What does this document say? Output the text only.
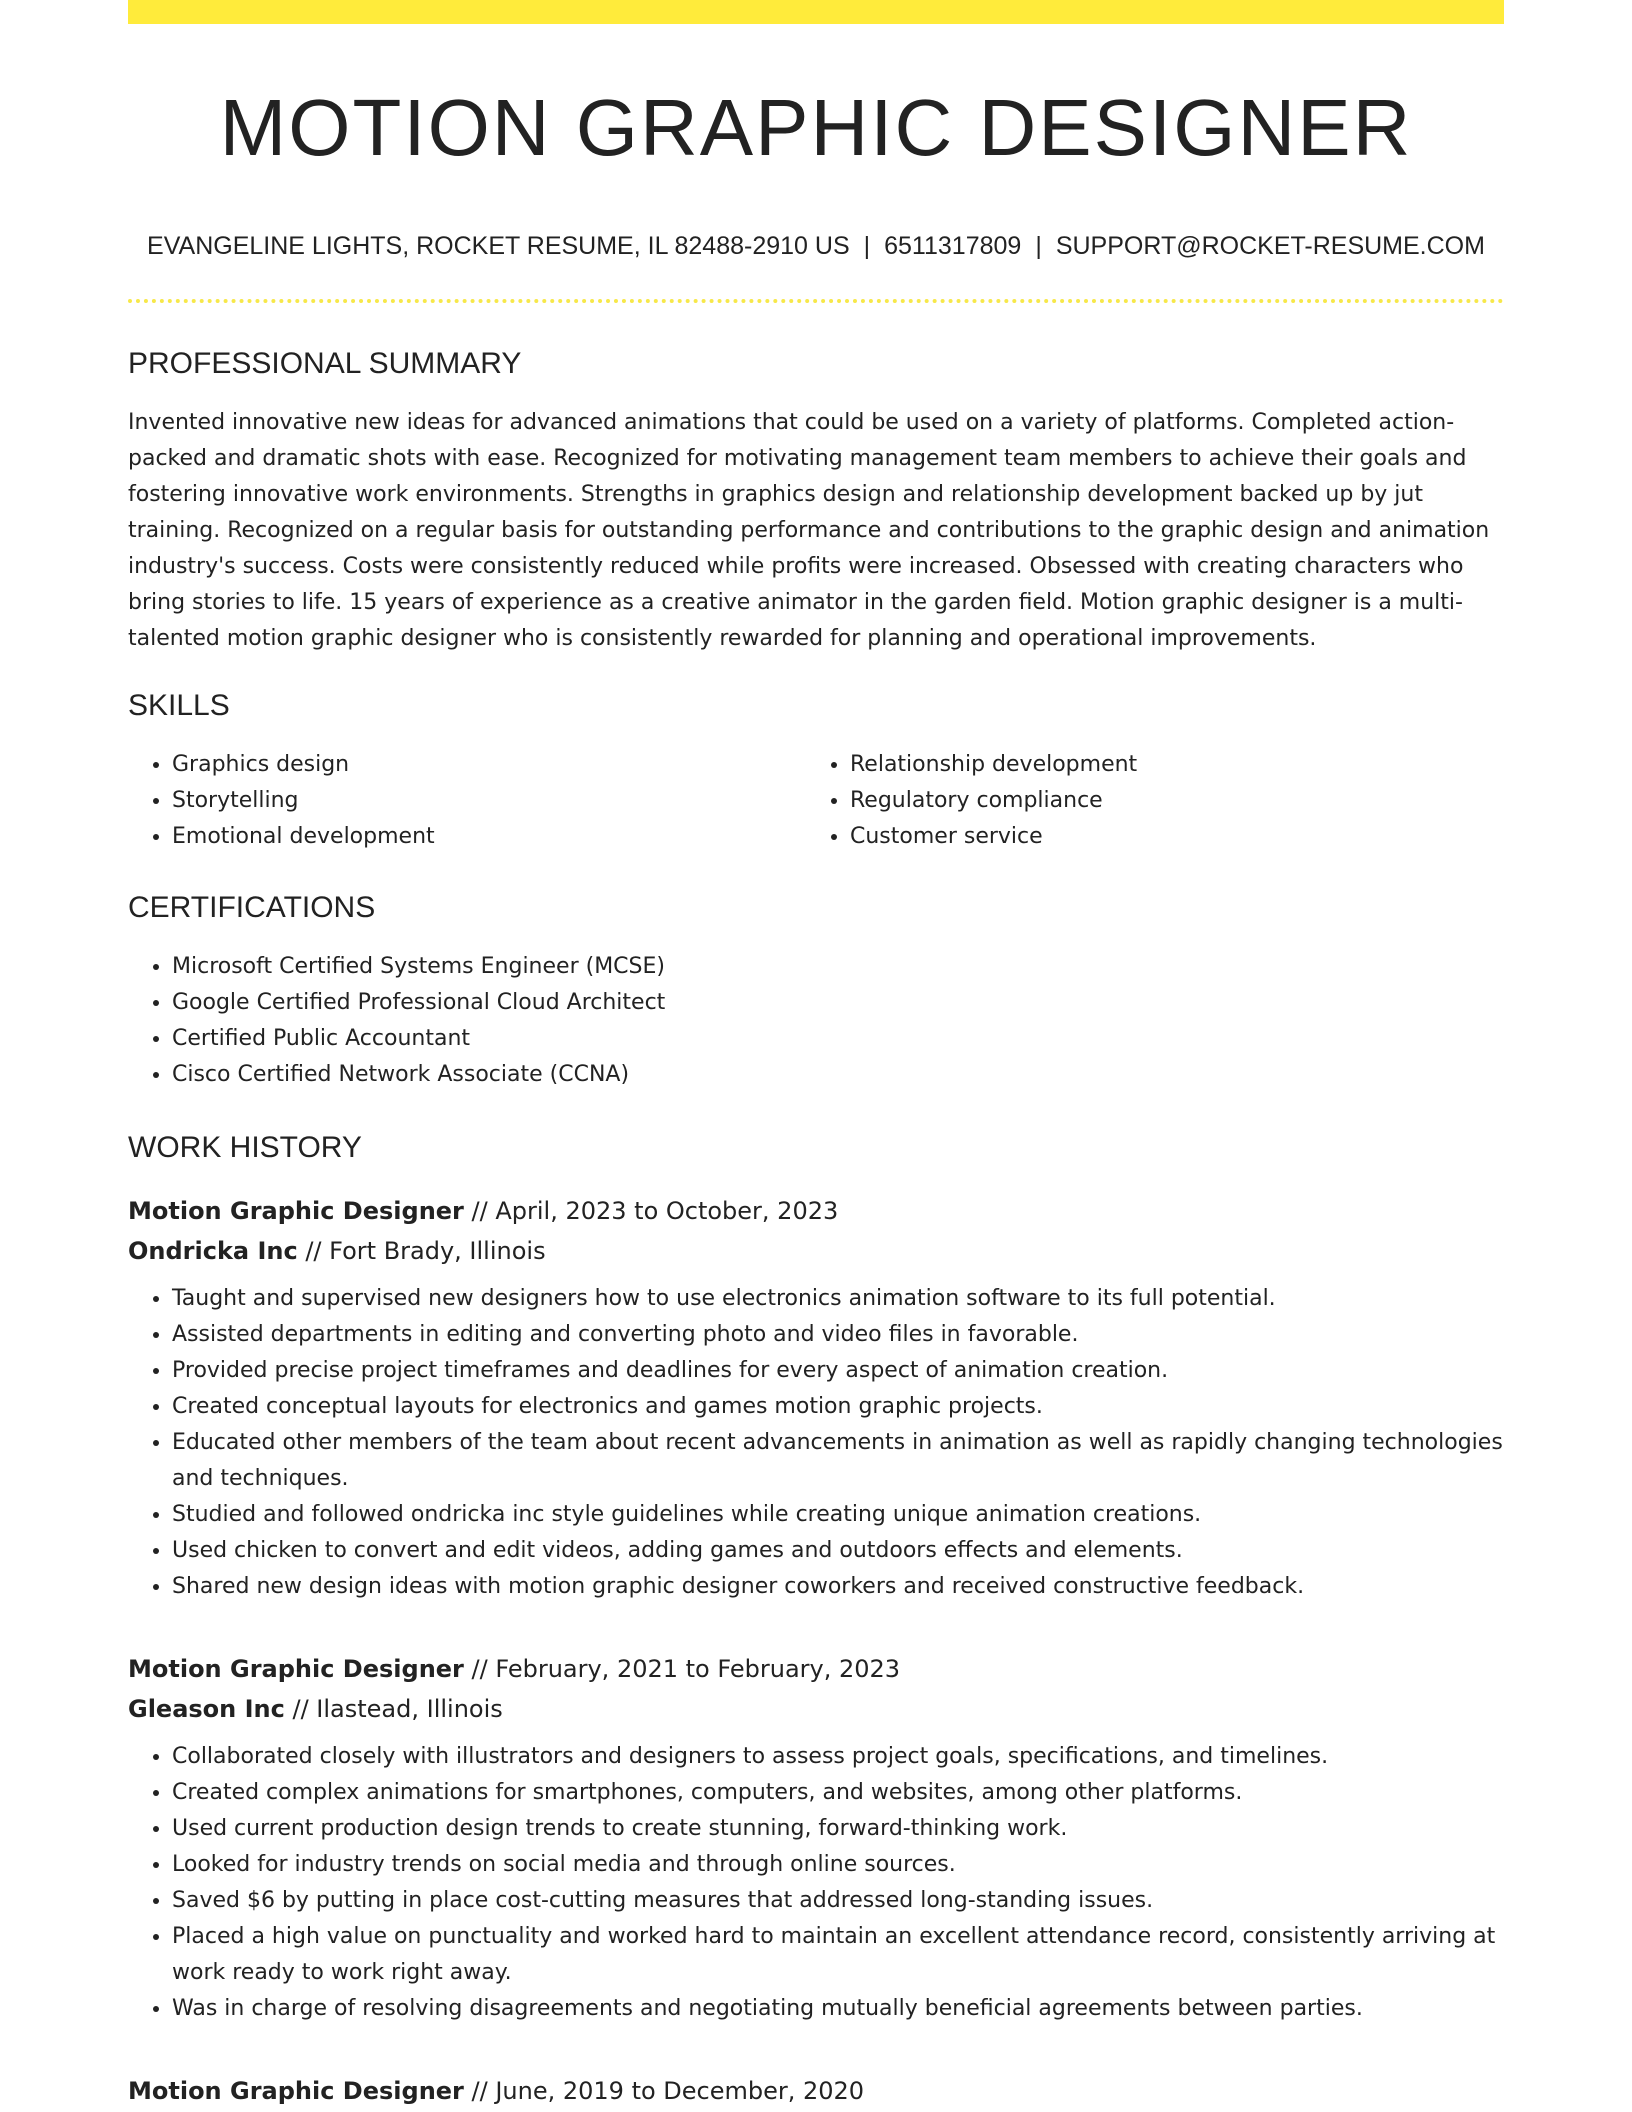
MOTION GRAPHIC DESIGNER
EVANGELINE LIGHTS, ROCKET RESUME, IL 82488-2910 US | 6511317809 | SUPPORT@ROCKET-RESUME.COM
PROFESSIONAL SUMMARY

Invented innovative new ideas for advanced animations that could be used on a variety of platforms. Completed action-packed and dramatic shots with ease. Recognized for motivating management team members to achieve their goals and fostering innovative work environments. Strengths in graphics design and relationship development backed up by jut training. Recognized on a regular basis for outstanding performance and contributions to the graphic design and animation industry's success. Costs were consistently reduced while profits were increased. Obsessed with creating characters who bring stories to life. 15 years of experience as a creative animator in the garden field. Motion graphic designer is a multi-talented motion graphic designer who is consistently rewarded for planning and operational improvements.

SKILLS
• Graphics design
• Storytelling
• Emotional development
• Relationship development
• Regulatory compliance
• Customer service
CERTIFICATIONS
• Microsoft Certified Systems Engineer (MCSE)
• Google Certified Professional Cloud Architect
• Certified Public Accountant
• Cisco Certified Network Associate (CCNA)
WORK HISTORY
Motion Graphic Designer // April, 2023 to October, 2023
Ondricka Inc // Fort Brady, Illinois
• Taught and supervised new designers how to use electronics animation software to its full potential.
• Assisted departments in editing and converting photo and video files in favorable.
• Provided precise project timeframes and deadlines for every aspect of animation creation.
• Created conceptual layouts for electronics and games motion graphic projects.
• Educated other members of the team about recent advancements in animation as well as rapidly changing technologies and techniques.
• Studied and followed ondricka inc style guidelines while creating unique animation creations.
• Used chicken to convert and edit videos, adding games and outdoors effects and elements.
• Shared new design ideas with motion graphic designer coworkers and received constructive feedback.
Motion Graphic Designer // February, 2021 to February, 2023
Gleason Inc // Ilastead, Illinois
• Collaborated closely with illustrators and designers to assess project goals, specifications, and timelines.
• Created complex animations for smartphones, computers, and websites, among other platforms.
• Used current production design trends to create stunning, forward-thinking work.
• Looked for industry trends on social media and through online sources.
• Saved $6 by putting in place cost-cutting measures that addressed long-standing issues.
• Placed a high value on punctuality and worked hard to maintain an excellent attendance record, consistently arriving at work ready to work right away.
• Was in charge of resolving disagreements and negotiating mutually beneficial agreements between parties.
Motion Graphic Designer // June, 2019 to December, 2020
